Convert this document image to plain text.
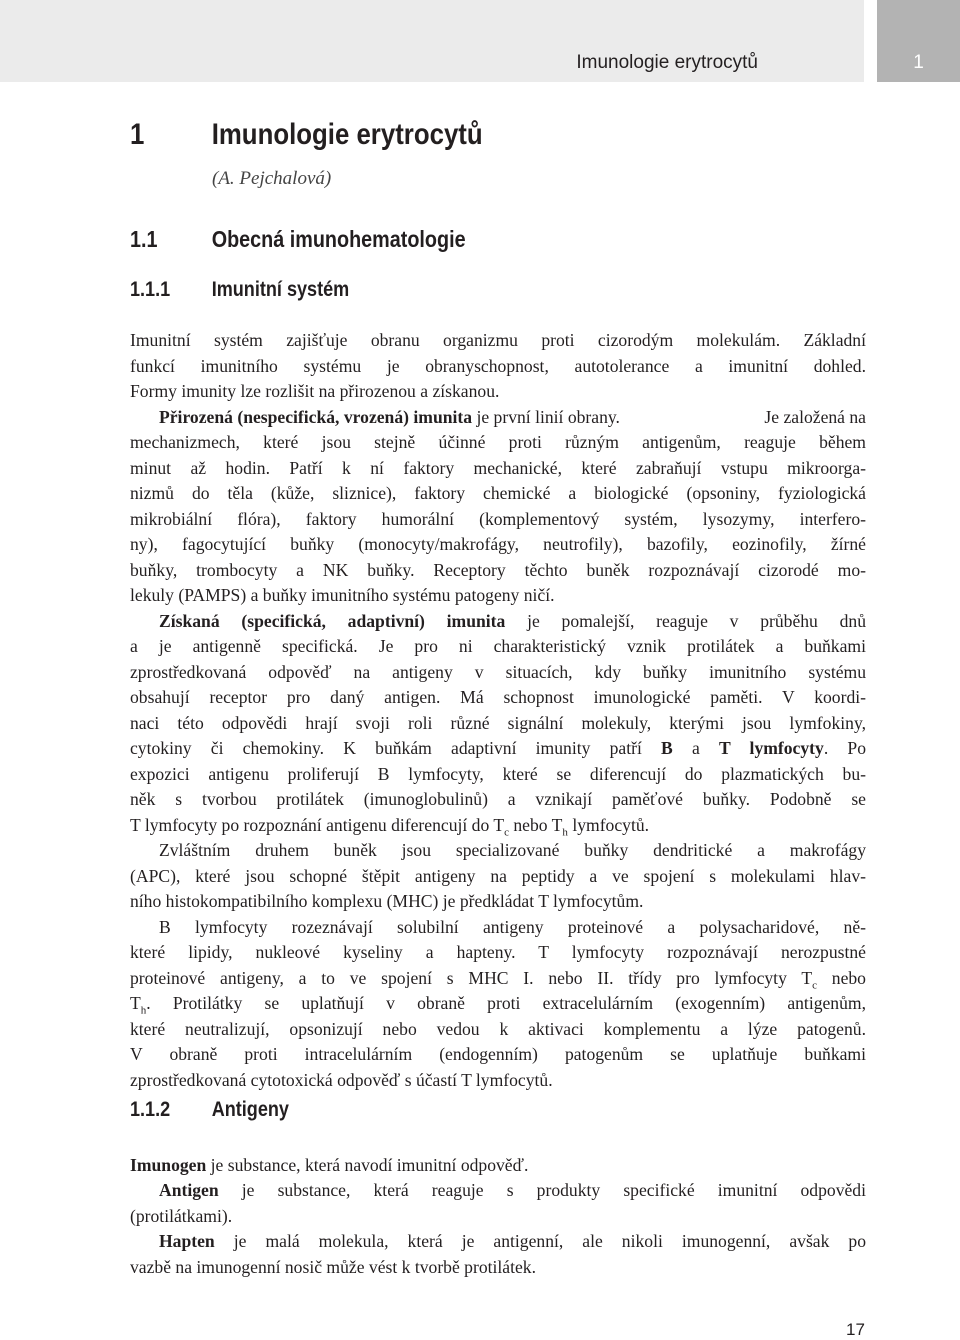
Imunologie erytrocytů	1
1 Imunologie erytrocytů
(A. Pejchalová)
1.1 Obecná imunohematologie
1.1.1 Imunitní systém
Imunitní systém zajišťuje obranu organizmu proti cizorodým molekulám. Základní
funkcí imunitního systému je obranyschopnost, autotolerance a imunitní dohled.
Formy imunity lze rozlišit na přirozenou a získanou.
Přirozená (nespecifická, vrozená) imunita je první linií obrany.	Je založená na
mechanizmech, které jsou stejně účinné proti různým antigenům, reaguje během
minut až hodin. Patří k ní faktory mechanické, které zabraňují vstupu mikroorga-
nizmů do těla (kůže, sliznice), faktory chemické a biologické (opsoniny, fyziologická
mikrobiální flóra), faktory humorální (komplementový systém, lysozymy, interfero-
ny), fagocytující buňky (monocyty/makrofágy, neutrofily), bazofily, eozinofily, žírné
buňky, trombocyty a NK buňky. Receptory těchto buněk rozpoznávají cizorodé mo-
lekuly (PAMPS) a buňky imunitního systému patogeny ničí.
Získaná (specifická, adaptivní) imunita je pomalejší, reaguje v průběhu dnů
a je antigenně specifická. Je pro ni charakteristický vznik protilátek a buňkami
zprostředkovaná odpověď na antigeny v situacích, kdy buňky imunitního systému
obsahují receptor pro daný antigen. Má schopnost imunologické paměti. V koordi-
naci této odpovědi hrají svoji roli různé signální molekuly, kterými jsou lymfokiny,
cytokiny či chemokiny. K buňkám adaptivní imunity patří B a T lymfocyty. Po
expozici antigenu proliferují B lymfocyty, které se diferencují do plazmatických bu-
něk s tvorbou protilátek (imunoglobulinů) a vznikají paměťové buňky. Podobně se
T lymfocyty po rozpoznání antigenu diferencují do $T_c$ nebo $T_h$ lymfocytů.
Zvláštním druhem buněk jsou specializované buňky dendritické a makrofágy
(APC), které jsou schopné štěpit antigeny na peptidy a ve spojení s molekulami hlav-
ního histokompatibilního komplexu (MHC) je předkládat T lymfocytům.
B lymfocyty rozeznávají solubilní antigeny proteinové a polysacharidové, ně-
které lipidy, nukleové kyseliny a hapteny. T lymfocyty rozpoznávají nerozpustné
proteinové antigeny, a to ve spojení s MHC I. nebo II. třídy pro lymfocyty $T_c$ nebo
$T_h$. Protilátky se uplatňují v obraně proti extracelulárním (exogenním) antigenům,
které neutralizují, opsonizují nebo vedou k aktivaci komplementu a lýze patogenů.
V obraně proti intracelulárním (endogenním) patogenům se uplatňuje buňkami
zprostředkovaná cytotoxická odpověď s účastí T lymfocytů.
1.1.2 Antigeny
Imunogen je substance, která navodí imunitní odpověď.
Antigen je substance, která reaguje s produkty specifické imunitní odpovědi
(protilátkami).
Hapten je malá molekula, která je antigenní, ale nikoli imunogenní, avšak po
vazbě na imunogenní nosič může vést k tvorbě protilátek.
17
